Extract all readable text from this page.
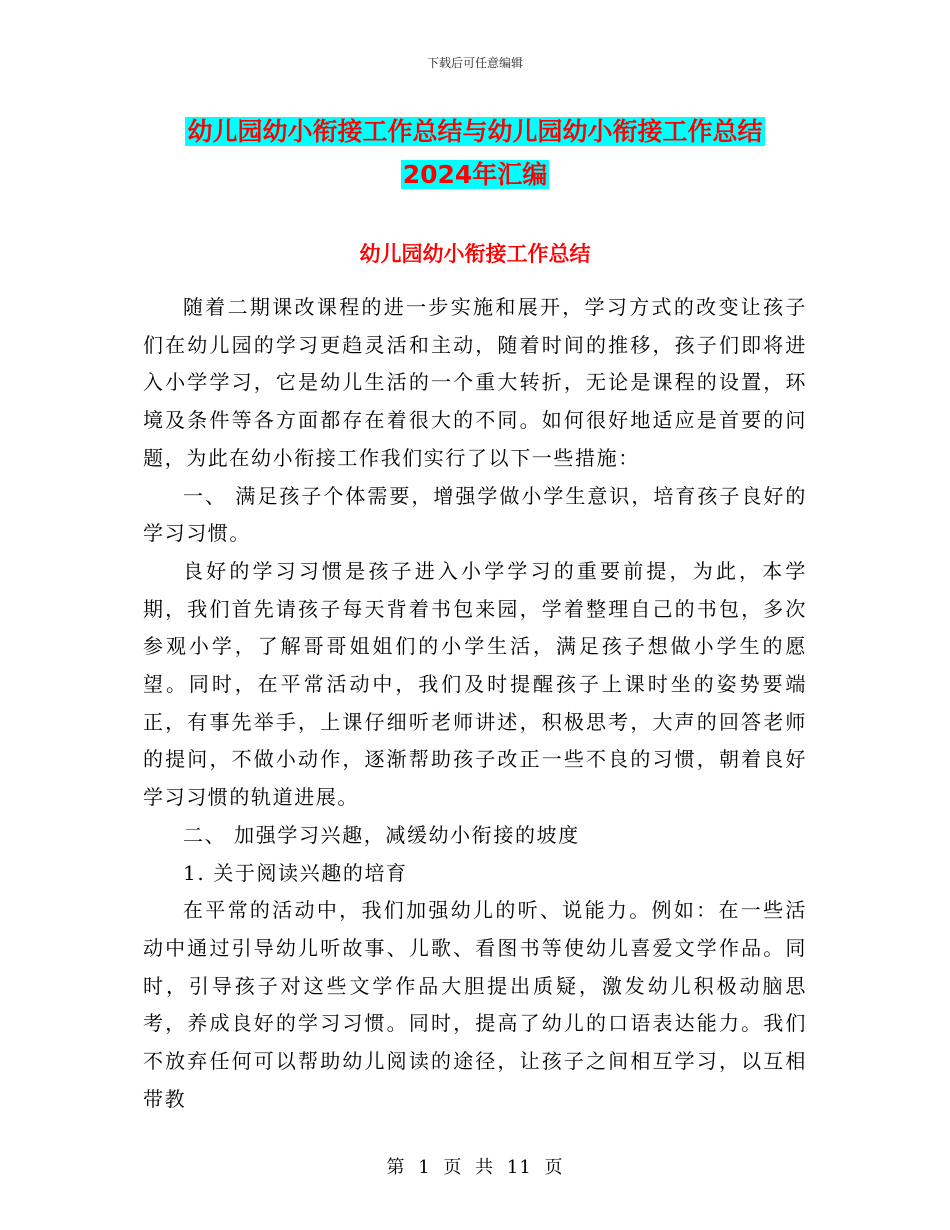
下载后可任意编辑
幼儿园幼小衔接工作总结与幼儿园幼小衔接工作总结
2024年汇编
幼儿园幼小衔接工作总结

随着二期课改课程的进一步实施和展开，学习方式的改变让孩子们在幼儿园的学习更趋灵活和主动，随着时间的推移，孩子们即将进入小学学习，它是幼儿生活的一个重大转折，无论是课程的设置，环境及条件等各方面都存在着很大的不同。如何很好地适应是首要的问题，为此在幼小衔接工作我们实行了以下一些措施：

一、 满足孩子个体需要，增强学做小学生意识，培育孩子良好的学习习惯。

良好的学习习惯是孩子进入小学学习的重要前提，为此，本学期，我们首先请孩子每天背着书包来园，学着整理自己的书包，多次参观小学，了解哥哥姐姐们的小学生活，满足孩子想做小学生的愿望。同时，在平常活动中，我们及时提醒孩子上课时坐的姿势要端正，有事先举手，上课仔细听老师讲述，积极思考，大声的回答老师的提问，不做小动作，逐渐帮助孩子改正一些不良的习惯，朝着良好学习习惯的轨道进展。

二、 加强学习兴趣，减缓幼小衔接的坡度

1. 关于阅读兴趣的培育

在平常的活动中，我们加强幼儿的听、说能力。例如：在一些活动中通过引导幼儿听故事、儿歌、看图书等使幼儿喜爱文学作品。同时，引导孩子对这些文学作品大胆提出质疑，激发幼儿积极动脑思考，养成良好的学习习惯。同时，提高了幼儿的口语表达能力。我们不放弃任何可以帮助幼儿阅读的途径，让孩子之间相互学习，以互相带教

第 1 页 共 11 页
